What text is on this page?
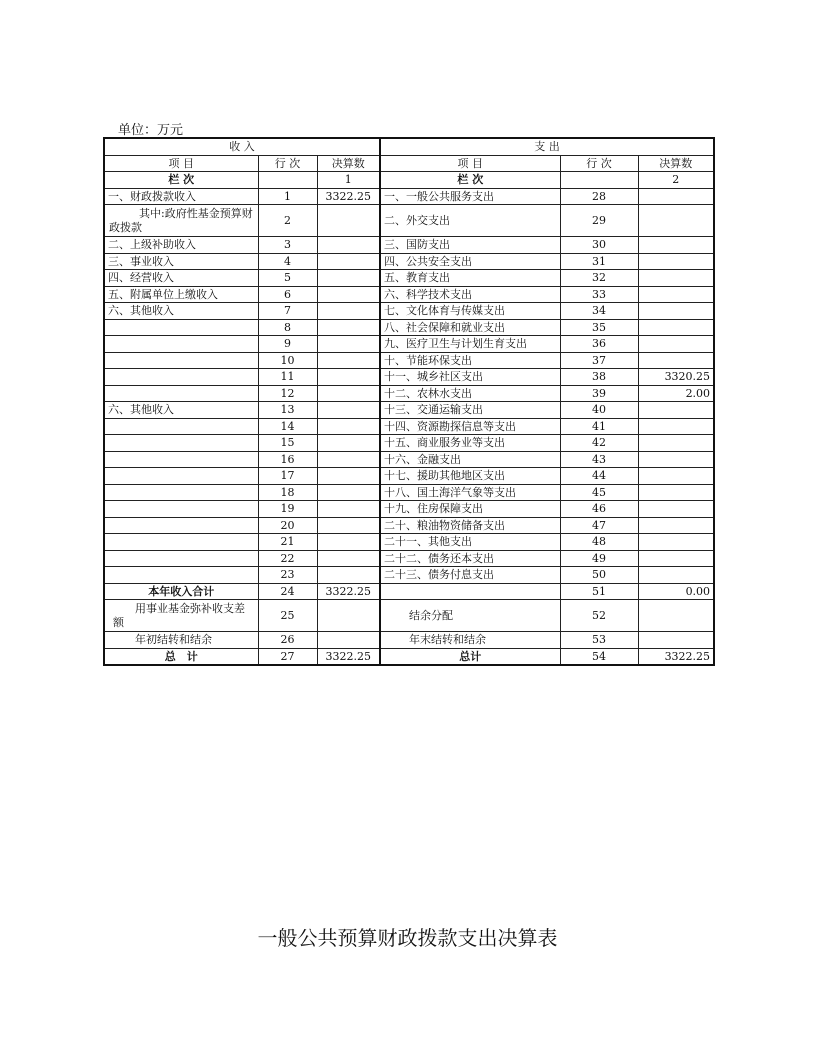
单位：万元
收 入			支 出		
项 目	行 次	决算数	项 目	行 次	决算数
栏 次		1	栏 次		2
一、财政拨款收入	1	3322.25	一、一般公共服务支出	28	
其中:政府性基金预算财政拨款	2		二、外交支出	29	
二、上级补助收入	3		三、国防支出	30	
三、事业收入	4		四、公共安全支出	31	
四、经营收入	5		五、教育支出	32	
五、附属单位上缴收入	6		六、科学技术支出	33	
六、其他收入	7		七、文化体育与传媒支出	34	
	8		八、社会保障和就业支出	35	
	9		九、医疗卫生与计划生育支出	36	
	10		十、节能环保支出	37	
	11		十一、城乡社区支出	38	3320.25
	12		十二、农林水支出	39	2.00
六、其他收入	13		十三、交通运输支出	40	
	14		十四、资源勘探信息等支出	41	
	15		十五、商业服务业等支出	42	
	16		十六、金融支出	43	
	17		十七、援助其他地区支出	44	
	18		十八、国土海洋气象等支出	45	
	19		十九、住房保障支出	46	
	20		二十、粮油物资储备支出	47	
	21		二十一、其他支出	48	
	22		二十二、债务还本支出	49	
	23		二十三、债务付息支出	50	
本年收入合计	24	3322.25		51	0.00
用事业基金弥补收支差额	25		结余分配	52	
年初结转和结余	26		年末结转和结余	53	
总　计	27	3322.25	总计	54	3322.25
一般公共预算财政拨款支出决算表
